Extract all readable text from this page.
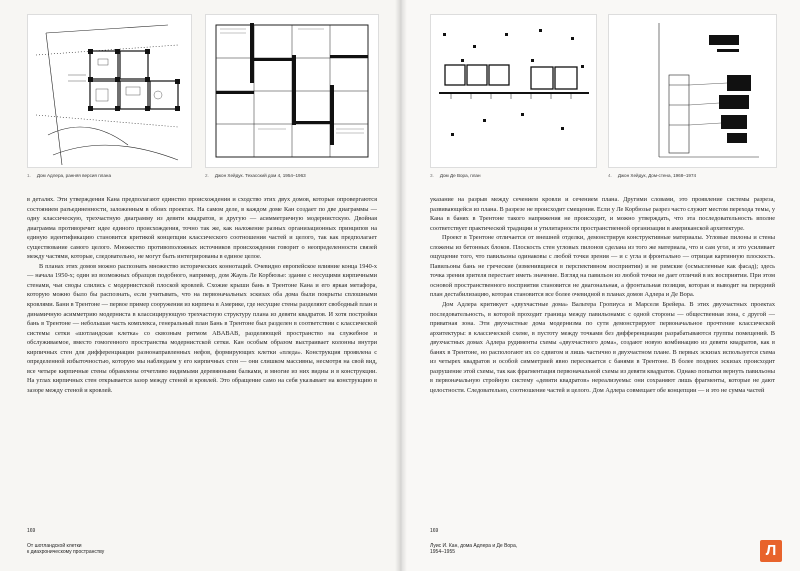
1. Дом Адлера, ранняя версия плана	2. Джон Хейдук. Техасский дом 4, 1954–1963

в деталях. Эти утверждения Кана предполагают единство происхождения и сходство этих двух домов, которые опровергаются состоянием разъединенности, заложенным в обоих проектах. На самом деле, в каждом доме Кан создает по две диаграммы — одну классическую, трехчастную диаграмму из девяти квадратов, и другую — асимметричную модернистскую. Двойная диаграмма противоречит идее единого происхождения, точно так же, как наложение разных организационных принципов на единую идентификацию становится критикой концепции классического соотношения частей и целого, так как предполагает существование самого целого. Множество противоположных источников происхождения говорит о неопределенности связей между частями, которые, следовательно, не могут быть интегрированы в единое целое.

В планах этих домов можно распознать множество исторических коннотаций. Очевидно европейское влияние конца 1940-х — начала 1950-х; один из возможных образцов подобного, например, дом Жауль Ле Корбюзье: здание с несущими кирпичными стенами, чьи своды слились с модернистской плоской кровлей. Схожие крыши бань в Трентоне Кана и его яркая метафора, которую можно было бы распознать, если учитывать, что на первоначальных эскизах оба дома были покрыты сплошными кровлями. Бани в Трентоне — первое пример сооружения из кирпича в Америке, где несущие стены разделяют свободный план и динамичную асимметрию модерниста в классицирующую трехчастную структуру плана из девяти квадратов. И хотя постройки бань в Трентоне — небольшая часть комплекса, генеральный план Бань в Трентоне был разделен в соответствии с классической системы сетки «шотландская клетка» со сквозным ритмом ABABAB, разделяющей пространство на служебное и обслуживаемое, вместо гомогенного пространства модернистской сетки. Кан особым образом выстраивает колонны внутри кирпичных стен для дифференциации разнонаправленных нефов, формирующих клетки «пледа». Конструкция проявлена с определенной избыточностью, которую мы наблюдаем у его кирпичных стен — они слишком массивны, несмотря на свой вид, все четыре кирпичные стены обрамлены отчетливо видимыми деревянными балками, и многие из них видны и в конструкции. На углах кирпичных стен открывается зазор между стеной и кровлей. Это обращение само на себя указывает на конструкцию в зазоре между стеной и кровлей.

169
От шотландской клетки
к диахроническому пространству
3. Дом Де Вора, план	4. Джон Хейдук, Дом-стена, 1968–1974

указание на разрыв между сечением кровли и сечением плана. Другими словами, это проявление системы разреза, развивающейся из плана. В разрезе не происходит смещения. Если у Ле Корбюзье разрез часто служит местом перехода темы, у Кана в банях в Трентоне такого напряжения не происходит, и можно утверждать, что эта последовательность вполне соответствует практической традиции и утилитарности пространственной организации в американской архитектуре.

Проект в Трентоне отличается от внешней отделки, демонстрируя конструктивные материалы. Угловые пилоны и стены сложены из бетонных блоков. Плоскость стен угловых пилонов сделана из того же материала, что и сам угол, и это усиливает ощущение того, что павильоны одинаковы с любой точки зрения — и с угла и фронтально — отрицая картинную плоскость. Павильоны бань не греческие (изменивщиеся в перспективном восприятии) и не римские (осмысленные как фасад); здесь точка зрения зрителя перестает иметь значение. Взгляд на павильон из любой точки не дает отличий в их восприятии. При этом основой пространственного восприятия становится не диагональная, а фронтальная позиция, которая и выводит на передний план дестабилизацию, которая становится все более очевидной в планах домов Адлера и Де Вора.

Дом Адлера критикует «двухчастные дома» Вальтера Гропиуса и Марселя Брейера. В этих двухчастных проектах последовательность, в которой проходит граница между павильонами: с одной стороны — общественная зона, с другой — приватная зона. Эти двухчастные дома модернизма по сути демонстрируют первоначальное прочтение классической архитектуры: в классической схеме, в пустоту между точками без дифференциации разрабатываются группы помещений. В двухчастных домах Адлера рудименты схемы «двухчастного дома», создают новую комбинацию из девяти квадратов, как в банях в Трентоне, но распологают их со сдвигом и лишь частично в двухчастном плане. В первых эскизах используется схема из четырех квадратов и особой симметрией явно пересекается с банями в Трентоне. В более поздних эскизах происходит разрушение этой схемы, так как фрагментация первоначальной схемы из девяти квадратов. Однако попытки вернуть павильоны в первоначальную стройную систему «девяти квадратов» нереализуемы: они сохраняют лишь фрагменты, которые не дают целостности. Следовательно, соотношение частей и целого. Дом Адлера совмещает обе концепции — и это не сумма частей

169
Луис И. Кан, дома Адлера и Де Вора,
1954–1955	Л
